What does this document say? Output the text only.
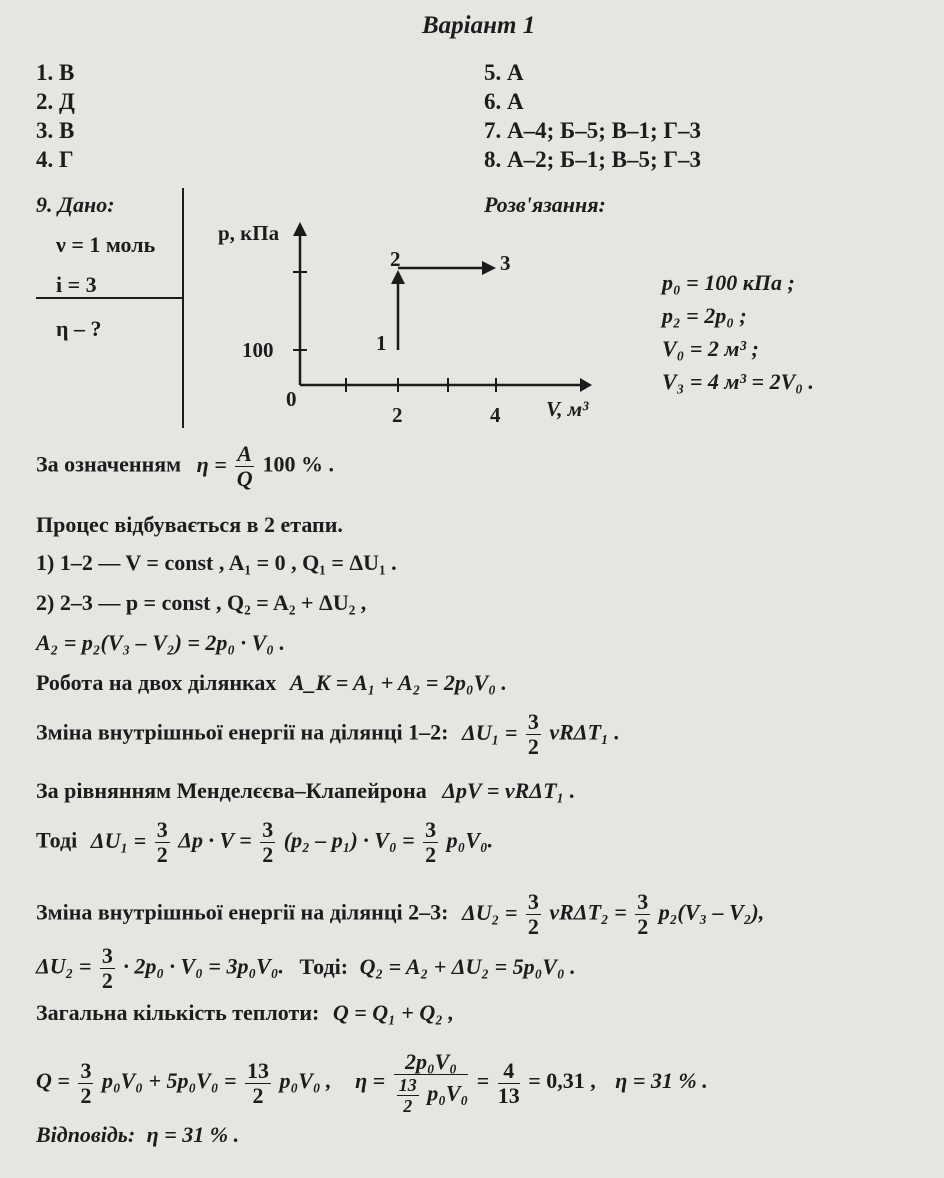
Варіант 1
1. В
2. Д
3. В
4. Г
5. А
6. А
7. А–4; Б–5; В–1; Г–3
8. А–2; Б–1; В–5; Г–3
9. Дано:
ν = 1 моль
i = 3
η – ?
Розв'язання:
p, кПа
100
0
2	4 V, м³
1
2	3
p₀ = 100 кПа ;
p₂ = 2p₀ ;
V₀ = 2 м³ ;
V₃ = 4 м³ = 2V₀ .
За означенням $\eta = \frac{A}{Q} 100$ % .
Процес відбувається в 2 етапи.
1) 1–2 — V = const , A₁ = 0 , Q₁ = ΔU₁ .
2) 2–3 — p = const , Q₂ = A₂ + ΔU₂ ,
A₂ = p₂(V₃ – V₂) = 2p₀ · V₀ .
Робота на двох ділянках A_K = A₁ + A₂ = 2p₀V₀ .
Зміна внутрішньої енергії на ділянці 1–2: $\Delta U_1 = \frac{3}{2} \nu R\Delta T_1$ .
За рівнянням Менделєєва–Клапейрона ΔpV = νRΔT₁ .
Тоді $\Delta U_1 = \frac{3}{2}$ $\Delta p \cdot V = \frac{3}{2} (p_2 - p_1) \cdot V_0 = \frac{3}{2} p_0V_0$.
Зміна внутрішньої енергії на ділянці 2–3: $\Delta U_2 = \frac{3}{2} \nu R\Delta T_2 = \frac{3}{2} p_2(V_3 - V_2)$,
$\Delta U_2 = \frac{3}{2} \cdot 2p_0 \cdot V_0 = 3p_0V_0$. Тоді: Q₂ = A₂ + ΔU₂ = 5p₀V₀ .
Загальна кількість теплоти: Q = Q₁ + Q₂ ,
$Q = \frac{3}{2} p_0V_0 + 5p_0V_0 = \frac{13}{2} p_0V_0$ , $\eta = \frac{\text{2p₀V₀}}{\frac{13}{2} p_0V_0} = \frac{4}{13} = 0,31$ , η = 31 % .
Відповідь: η = 31 % .
